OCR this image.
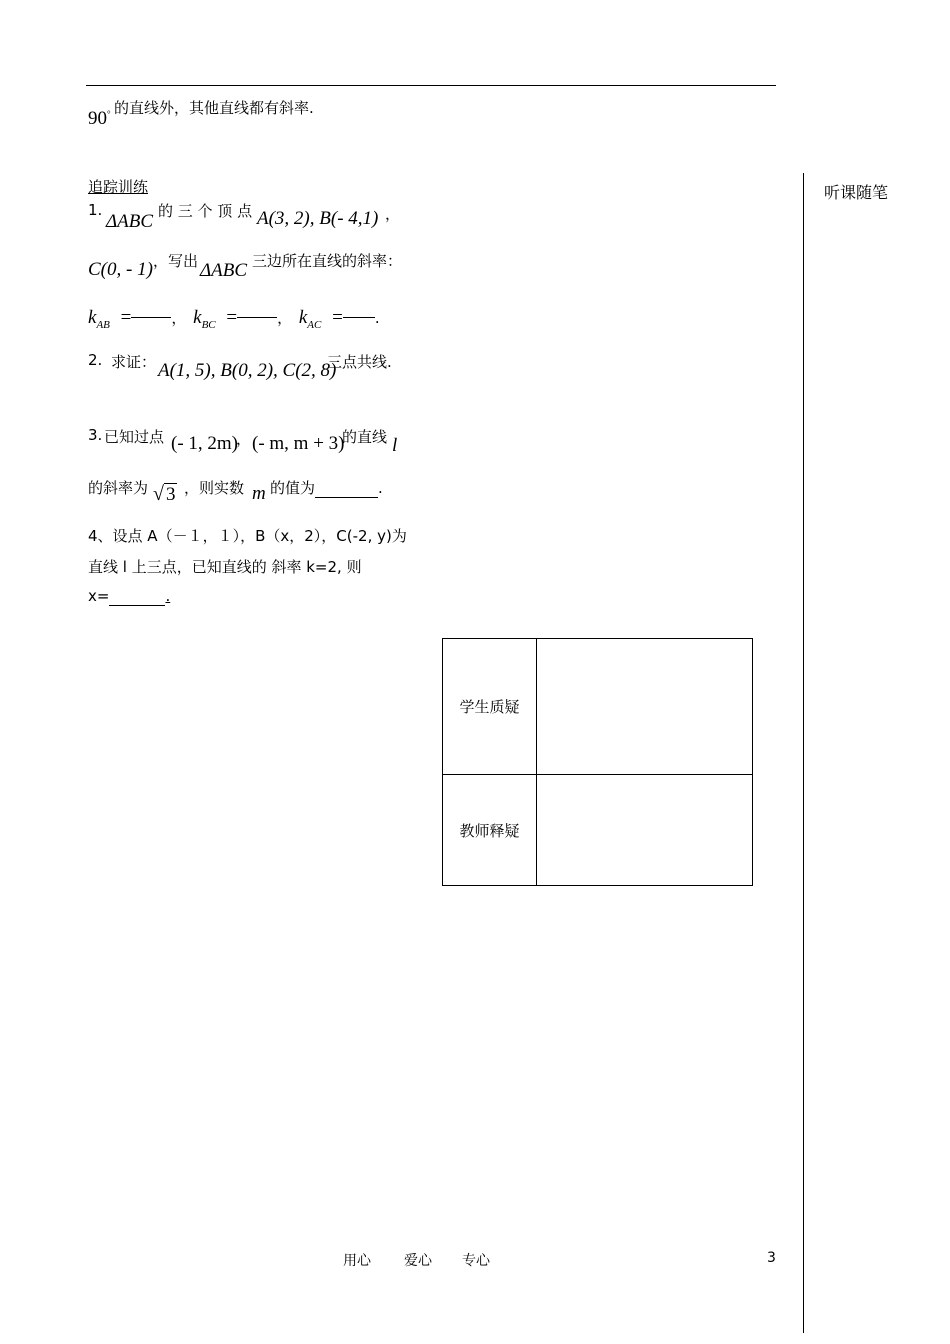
90° 的直线外，其他直线都有斜率.
听课随笔
追踪训练
1.
ΔABC 的 三 个 顶 点 A(3, 2), B(- 4,1) ，
C(0, - 1) ，写出 ΔABC 三边所在直线的斜率：
$k_{AB}$ =	， $k_{BC}$ =	， $k_{AC}$ = .
2. 求证： A(1, 5), B(0, 2), C(2, 8)
三点共线.
3. 已知过点 (- 1, 2m)
， (- m, m + 3)
的直线 l
的斜率为 √ 3 ，则实数 m 的值为	.
4、设点 A（－１，１），B（x，2），C(-2, y)为
直线 l 上三点，已知直线的 斜率 k=2, 则
x=	.
学生质疑	
教师释疑	
用心 爱心 专心	3
